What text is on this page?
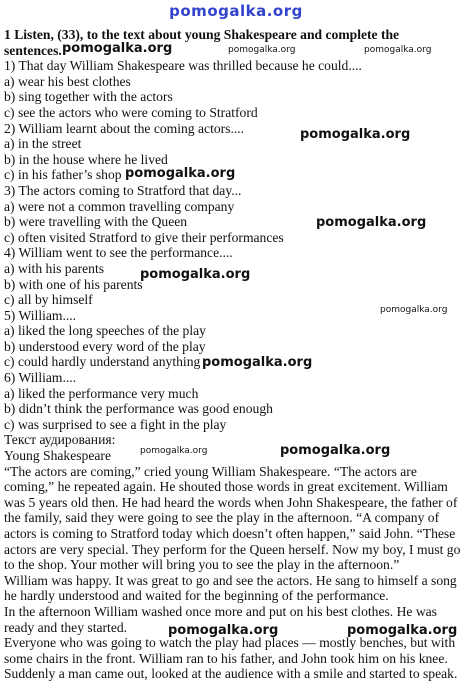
pomogalka.org
1 Listen, (33), to the text about young Shakespeare and complete the
sentences.
1) That day William Shakespeare was thrilled because he could....
a) wear his best clothes
b) sing together with the actors
c) see the actors who were coming to Stratford
2) William learnt about the coming actors....
a) in the street
b) in the house where he lived
c) in his father’s shop
3) The actors coming to Stratford that day...
a) were not a common travelling company
b) were travelling with the Queen
c) often visited Stratford to give their performances
4) William went to see the performance....
a) with his parents
b) with one of his parents
c) all by himself
5) William....
a) liked the long speeches of the play
b) understood every word of the play
c) could hardly understand anything
6) William....
a) liked the performance very much
b) didn’t think the performance was good enough
c) was surprised to see a fight in the play
Текст аудирования:
Young Shakespeare
“The actors are coming,” cried young William Shakespeare. “The actors are coming,” he repeated again. He shouted those words in great excitement. William was 5 years old then. He had heard the words when John Shakespeare, the father of the family, said they were going to see the play in the afternoon. “A company of actors is coming to Stratford today which doesn’t often happen,” said John. “These actors are very special. They perform for the Queen herself. Now my boy, I must go to the shop. Your mother will bring you to see the play in the afternoon.”
William was happy. It was great to go and see the actors. He sang to himself a song he hardly understood and waited for the beginning of the performance.
In the afternoon William washed once more and put on his best clothes. He was ready and they started.
Everyone who was going to watch the play had places — mostly benches, but with some chairs in the front. William ran to his father, and John took him on his knee. Suddenly a man came out, looked at the audience with a smile and started to speak.
pomogalka.org	pomogalka.org	pomogalka.org
pomogalka.org
pomogalka.org
pomogalka.org
pomogalka.org
pomogalka.org
pomogalka.org
pomogalka.org	pomogalka.org
pomogalka.org	pomogalka.org
